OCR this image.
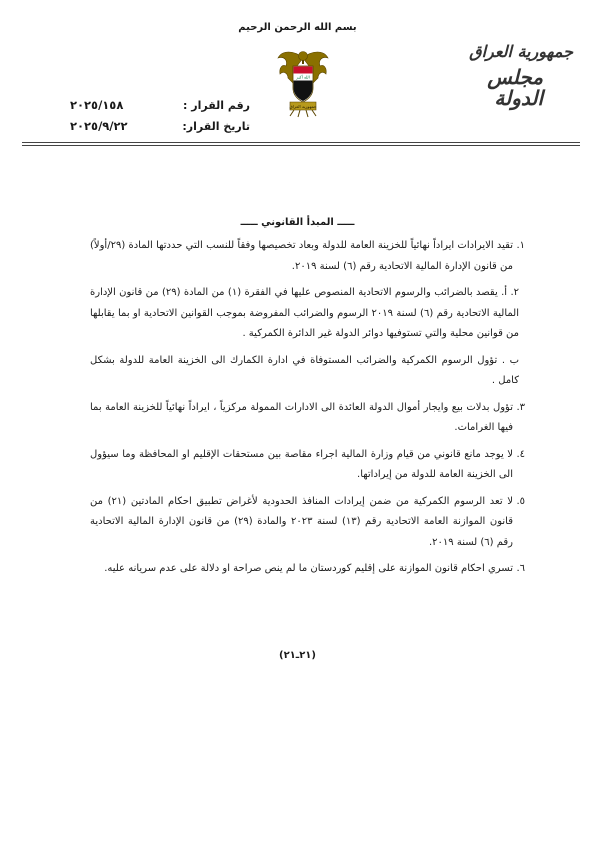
بسم الله الرحمن الرحيم
جمهورية العراق
مجلس الدولة
الله أكبر
جمهورية العراق
رقم القرار :
٢٠٢٥/١٥٨
تاريخ القرار:
٢٠٢٥/٩/٢٢
ـــــ المبدأ القانوني ـــــ
١.
تقيد الايرادات ايراداً نهائياً للخزينة العامة للدولة وبعاد تخصيصها وفقاً للنسب التي حددتها المادة (٢٩/أولاً) من قانون الإدارة المالية الاتحادية رقم (٦) لسنة ٢٠١٩.
٢. أ. يقصد بالضرائب والرسوم الاتحادية المنصوص عليها في الفقرة (١) من المادة (٢٩) من قانون الإدارة المالية الاتحادية رقم (٦) لسنة ٢٠١٩ الرسوم والضرائب المفروضة بموجب القوانين الاتحادية او بما يقابلها من قوانين محلية والتي تستوفيها دوائر الدولة غير الدائرة الكمركية .
ب . تؤول الرسوم الكمركية والضرائب المستوفاة في ادارة الكمارك الى الخزينة العامة للدولة بشكل كامل .
٣.
تؤول بدلات بيع وايجار أموال الدولة العائدة الى الادارات الممولة مركزياً ، ايراداً نهائياً للخزينة العامة بما فيها الغرامات.
٤.
لا يوجد مانع قانوني من قيام وزارة المالية اجراء مقاصة بين مستحقات الإقليم او المحافظة وما سيؤول الى الخزينة العامة للدولة من إيراداتها.
٥.
لا تعد الرسوم الكمركية من ضمن إيرادات المنافذ الحدودية لأغراض تطبيق احكام المادتين (٢١) من قانون الموازنة العامة الاتحادية رقم (١٣) لسنة ٢٠٢٣ والمادة (٢٩) من قانون الإدارة المالية الاتحادية رقم (٦) لسنة ٢٠١٩.
٦.
تسري احكام قانون الموازنة على إقليم كوردستان ما لم ينص صراحة او دلالة على عدم سريانه عليه.
(٢١ـ٢١)
